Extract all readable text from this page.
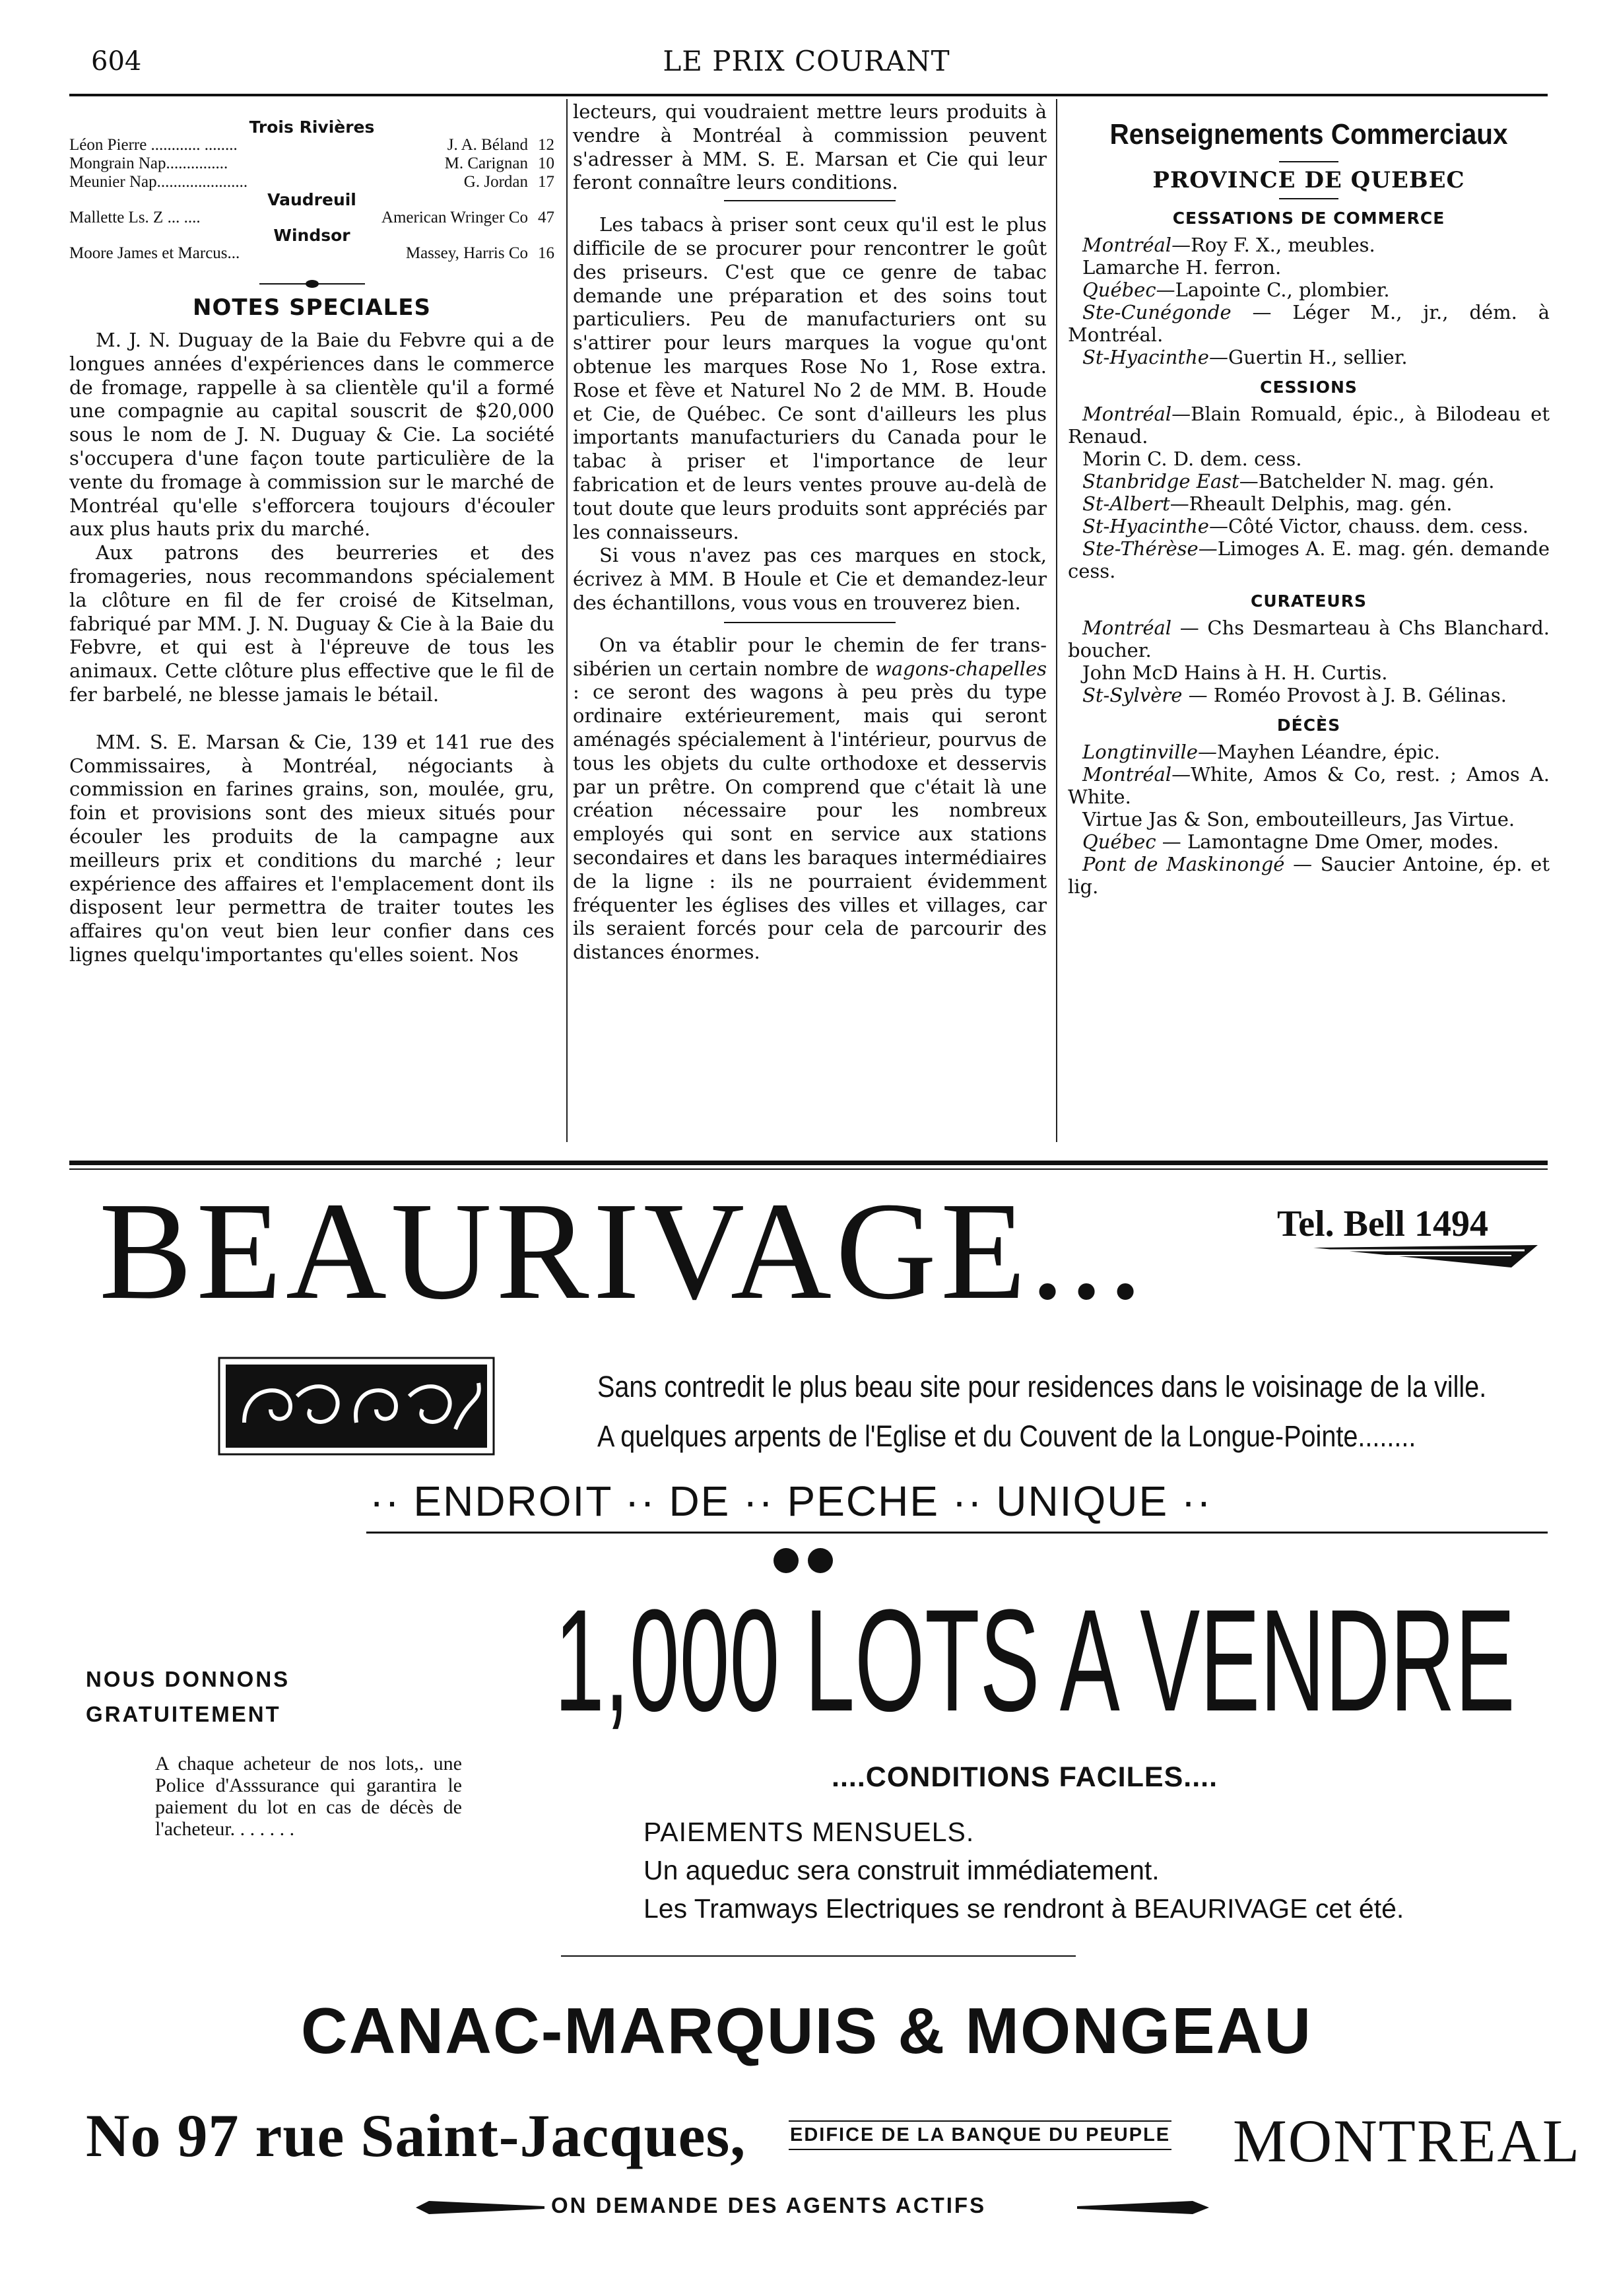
604	LE PRIX COURANT
Trois Rivières
Léon Pierre ............ ........	J. A. Béland 12
Mongrain Nap...............	M. Carignan 10
Meunier Nap......................	G. Jordan 17
Vaudreuil
Mallette Ls. Z ... ....	American Wringer Co 47
Windsor
Moore James et Marcus...	Massey, Harris Co 16
NOTES SPECIALES

M. J. N. Duguay de la Baie du Febvre qui a de longues années d'expériences dans le commerce de fromage, rappelle à sa clientèle qu'il a formé une compagnie au capital souscrit de $20,000 sous le nom de J. N. Duguay & Cie. La société s'occupera d'une façon toute particulière de la vente du fromage à commission sur le marché de Montréal qu'elle s'efforcera toujours d'écouler aux plus hauts prix du marché.

Aux patrons des beurreries et des fromageries, nous recommandons spécialement la clôture en fil de fer croisé de Kitselman, fabriqué par MM. J. N. Duguay & Cie à la Baie du Febvre, et qui est à l'épreuve de tous les animaux. Cette clôture plus effective que le fil de fer barbelé, ne blesse jamais le bétail.

MM. S. E. Marsan & Cie, 139 et 141 rue des Commissaires, à Montréal, négociants à commission en farines grains, son, moulée, gru, foin et provisions sont des mieux situés pour écouler les produits de la campagne aux meilleurs prix et conditions du marché ; leur expérience des affaires et l'emplacement dont ils disposent leur permettra de traiter toutes les affaires qu'on veut bien leur confier dans ces lignes quelqu'importantes qu'elles soient. Nos

lecteurs, qui voudraient mettre leurs produits à vendre à Montréal à commission peuvent s'adresser à MM. S. E. Marsan et Cie qui leur feront connaître leurs conditions.

Les tabacs à priser sont ceux qu'il est le plus difficile de se procurer pour rencontrer le goût des priseurs. C'est que ce genre de tabac demande une préparation et des soins tout particuliers. Peu de manufacturiers ont su s'attirer pour leurs marques la vogue qu'ont obtenue les marques Rose No 1, Rose extra. Rose et fève et Naturel No 2 de MM. B. Houde et Cie, de Québec. Ce sont d'ailleurs les plus importants manufacturiers du Canada pour le tabac à priser et l'importance de leur fabrication et de leurs ventes prouve au-delà de tout doute que leurs produits sont appréciés par les connaisseurs.

Si vous n'avez pas ces marques en stock, écrivez à MM. B Houle et Cie et demandez-leur des échantillons, vous vous en trouverez bien.

On va établir pour le chemin de fer trans-sibérien un certain nombre de wagons-chapelles : ce seront des wagons à peu près du type ordinaire extérieurement, mais qui seront aménagés spécialement à l'intérieur, pourvus de tous les objets du culte orthodoxe et desservis par un prêtre. On comprend que c'était là une création nécessaire pour les nombreux employés qui sont en service aux stations secondaires et dans les baraques intermédiaires de la ligne : ils ne pourraient évidemment fréquenter les églises des villes et villages, car ils seraient forcés pour cela de parcourir des distances énormes.

Renseignements Commerciaux
PROVINCE DE QUEBEC
CESSATIONS DE COMMERCE

Montréal—Roy F. X., meubles.

Lamarche H. ferron.

Québec—Lapointe C., plombier.

Ste-Cunégonde — Léger M., jr., dém. à Montréal.

St-Hyacinthe—Guertin H., sellier.

CESSIONS

Montréal—Blain Romuald, épic., à Bilodeau et Renaud.

Morin C. D. dem. cess.

Stanbridge East—Batchelder N. mag. gén.

St-Albert—Rheault Delphis, mag. gén.

St-Hyacinthe—Côté Victor, chauss. dem. cess.

Ste-Thérèse—Limoges A. E. mag. gén. demande cess.

CURATEURS

Montréal — Chs Desmarteau à Chs Blanchard. boucher.

John McD Hains à H. H. Curtis.

St-Sylvère — Roméo Provost à J. B. Gélinas.

DÉCÈS

Longtinville—Mayhen Léandre, épic.

Montréal—White, Amos & Co, rest. ; Amos A. White.

Virtue Jas & Son, embouteilleurs, Jas Virtue.

Québec — Lamontagne Dme Omer, modes.

Pont de Maskinongé — Saucier Antoine, ép. et lig.

BEAURIVAGE...	Tel. Bell 1494
Sans contredit le plus beau site pour residences dans le voisinage de la ville.
A quelques arpents de l'Eglise et du Couvent de la Longue-Pointe........
·· ENDROIT ·· DE ·· PECHE ·· UNIQUE ··
1,000 LOTS A VENDRE
....CONDITIONS FACILES....
NOUS DONNONS
GRATUITEMENT
A chaque acheteur de nos lots,. une Police d'Asssurance qui garantira le paiement du lot en cas de décès de l'acheteur. . . . . . .	PAIEMENTS MENSUELS.
Un aqueduc sera construit immédiatement.
Les Tramways Electriques se rendront à BEAURIVAGE cet été.
CANAC-MARQUIS & MONGEAU
No 97 rue Saint-Jacques, EDIFICE DE LA BANQUE DU PEUPLE MONTREAL
ON DEMANDE DES AGENTS ACTIFS
